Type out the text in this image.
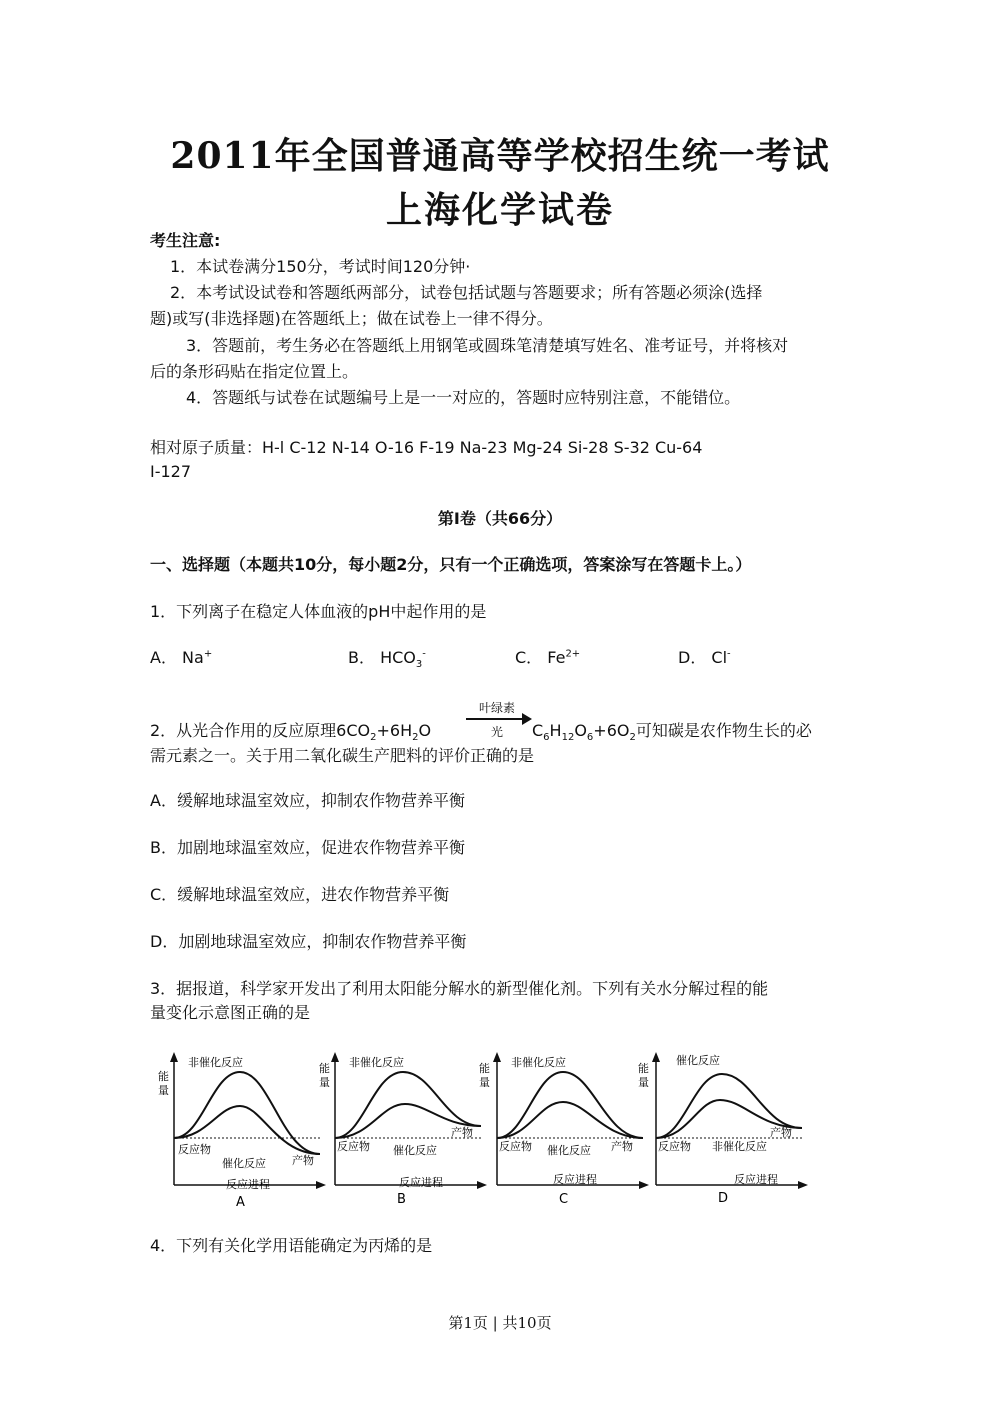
2011年全国普通高等学校招生统一考试
上海化学试卷
考生注意:
1．本试卷满分150分，考试时间120分钟·
2．本考试设试卷和答题纸两部分，试卷包括试题与答题要求；所有答题必须涂(选择
题)或写(非选择题)在答题纸上；做在试卷上一律不得分。
3．答题前，考生务必在答题纸上用钢笔或圆珠笔清楚填写姓名、准考证号，并将核对
后的条形码贴在指定位置上。
4．答题纸与试卷在试题编号上是一一对应的，答题时应特别注意，不能错位。
相对原子质量：H-l C-12 N-14 O-16 F-19 Na-23 Mg-24 Si-28 S-32 Cu-64
I-127
第Ⅰ卷（共66分）
一、选择题（本题共10分，每小题2分，只有一个正确选项，答案涂写在答题卡上。）
1．下列离子在稳定人体血液的pH中起作用的是
A． Na+	B． $HCO_3^-$	C． $Fe^{2+}$	D． Cl-
叶绿素
光
2．从光合作用的反应原理$6CO_2+6H_2O$	$C_6H_{12}O_6+6O_2$可知碳是农作物生长的必
需元素之一。关于用二氧化碳生产肥料的评价正确的是
A．缓解地球温室效应，抑制农作物营养平衡
B．加剧地球温室效应，促进农作物营养平衡
C．缓解地球温室效应，进农作物营养平衡
D．加剧地球温室效应，抑制农作物营养平衡
3．据报道，科学家开发出了利用太阳能分解水的新型催化剂。下列有关水分解过程的能
量变化示意图正确的是
能
量
非催化反应
催化反应
反应物
产物
反应进程
A
能
量
非催化反应
催化反应
反应物
产物
反应进程
B
能
量
非催化反应
催化反应
反应物	产物
反应进程
C
能
量
催化反应
非催化反应
反应物
产物
反应进程
D
4．下列有关化学用语能确定为丙烯的是
第1页 | 共10页
